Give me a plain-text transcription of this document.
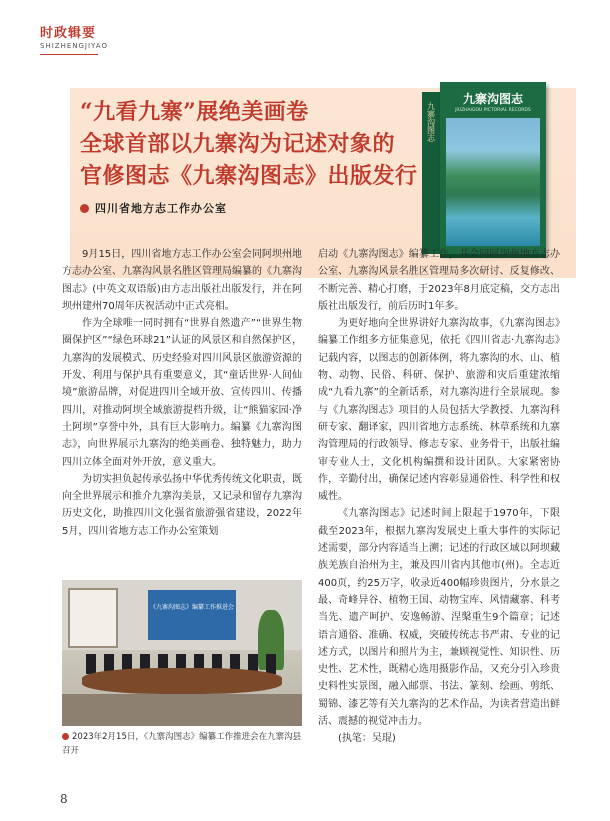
时政辑要
SHIZHENGJIYAO
“九看九寨”展绝美画卷
全球首部以九寨沟为记述对象的
官修图志《九寨沟图志》出版发行
四川省地方志工作办公室
九寨沟图志
九寨沟图志
JIUZHAIGOU PICTORIAL RECORDS

9月15日，四川省地方志工作办公室会同阿坝州地方志办公室、九寨沟风景名胜区管理局编纂的《九寨沟图志》(中英文双语版)由方志出版社出版发行，并在阿坝州建州70周年庆祝活动中正式亮相。

作为全球唯一同时拥有“世界自然遗产”“世界生物圈保护区”“绿色环球21”认证的风景区和自然保护区，九寨沟的发展模式、历史经验对四川风景区旅游资源的开发、利用与保护具有重要意义，其“童话世界·人间仙境”旅游品牌，对促进四川全域开放、宣传四川、传播四川，对推动阿坝全域旅游提档升级，让“熊猫家园·净土阿坝”享誉中外，具有巨大影响力。编纂《九寨沟图志》，向世界展示九寨沟的绝美画卷、独特魅力，助力四川立体全面对外开放，意义重大。

为切实担负起传承弘扬中华优秀传统文化职责，既向全世界展示和推介九寨沟美景，又记录和留存九寨沟历史文化，助推四川文化强省旅游强省建设，2022年5月，四川省地方志工作办公室策划

《九寨沟图志》编纂工作推进会
2023年2月15日，《九寨沟图志》编纂工作推进会在九寨沟县召开

启动《九寨沟图志》编纂工作，并会同阿坝州地方志办公室、九寨沟风景名胜区管理局多次研讨、反复修改、不断完善、精心打磨，于2023年8月底定稿，交方志出版社出版发行，前后历时1年多。

为更好地向全世界讲好九寨沟故事，《九寨沟图志》编纂工作组多方征集意见，依托《四川省志·九寨沟志》记载内容，以图志的创新体例，将九寨沟的水、山、植物、动物、民俗、科研、保护、旅游和灾后重建浓缩成“九看九寨”的全新话系，对九寨沟进行全景展现。参与《九寨沟图志》项目的人员包括大学教授、九寨沟科研专家、翻译家，四川省地方志系统、林草系统和九寨沟管理局的行政领导、修志专家、业务骨干，出版社编审专业人士，文化机构编撰和设计团队。大家紧密协作，辛勤付出，确保记述内容彰显通俗性、科学性和权威性。

《九寨沟图志》记述时间上限起于1970年，下限截至2023年，根据九寨沟发展史上重大事件的实际记述需要，部分内容适当上溯；记述的行政区域以阿坝藏族羌族自治州为主，兼及四川省内其他市(州)。全志近400页，约25万字，收录近400幅珍贵图片，分水景之最、奇峰异谷、植物王国、动物宝库、风情藏寨、科考当先、遗产呵护、安逸畅游、涅槃重生9个篇章；记述语言通俗、准确、权威，突破传统志书严肃、专业的记述方式，以图片和照片为主，兼顾视觉性、知识性、历史性、艺术性，既精心选用摄影作品，又充分引入珍贵史料性实景图，融入邮票、书法、篆刻、绘画、剪纸、蜀锦、漆艺等有关九寨沟的艺术作品，为读者营造出鲜活、震撼的视觉冲击力。

(执笔：吴琨)

8
